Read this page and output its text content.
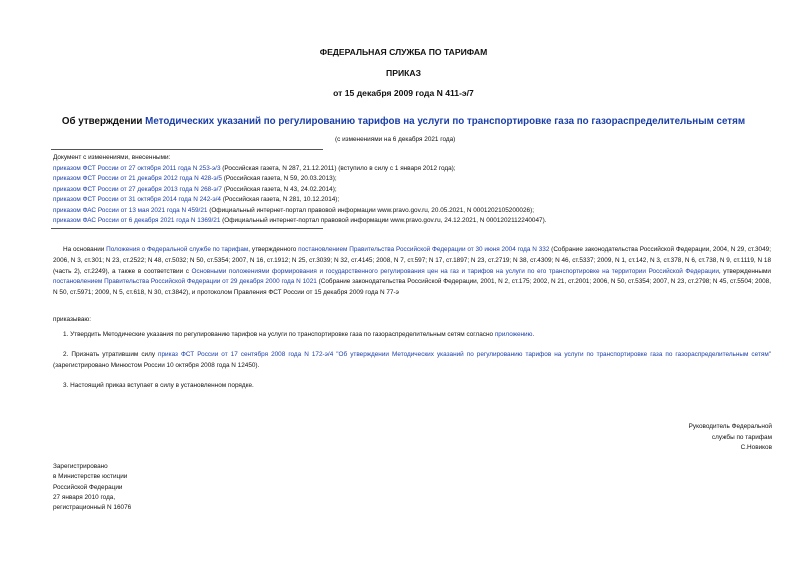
ФЕДЕРАЛЬНАЯ СЛУЖБА ПО ТАРИФАМ
ПРИКАЗ
от 15 декабря 2009 года N 411-э/7
Об утверждении Методических указаний по регулированию тарифов на услуги по транспортировке газа по газораспределительным сетям
(с изменениями на 6 декабря 2021 года)
Документ с изменениями, внесенными:
приказом ФСТ России от 27 октября 2011 года N 253-э/3 (Российская газета, N 287, 21.12.2011) (вступило в силу с 1 января 2012 года);
приказом ФСТ России от 21 декабря 2012 года N 428-э/5 (Российская газета, N 59, 20.03.2013);
приказом ФСТ России от 27 декабря 2013 года N 268-э/7 (Российская газета, N 43, 24.02.2014);
приказом ФСТ России от 31 октября 2014 года N 242-э/4 (Российская газета, N 281, 10.12.2014);
приказом ФАС России от 13 мая 2021 года N 459/21 (Официальный интернет-портал правовой информации www.pravo.gov.ru, 20.05.2021, N 0001202105200026);
приказом ФАС России от 6 декабря 2021 года N 1369/21 (Официальный интернет-портал правовой информации www.pravo.gov.ru, 24.12.2021, N 0001202112240047).
На основании Положения о Федеральной службе по тарифам, утвержденного постановлением Правительства Российской Федерации от 30 июня 2004 года N 332 (Собрание законодательства Российской Федерации, 2004, N 29, ст.3049; 2006, N 3, ст.301; N 23, ст.2522; N 48, ст.5032; N 50, ст.5354; 2007, N 16, ст.1912; N 25, ст.3039; N 32, ст.4145; 2008, N 7, ст.597; N 17, ст.1897; N 23, ст.2719; N 38, ст.4309; N 46, ст.5337; 2009, N 1, ст.142, N 3, ст.378, N 6, ст.738, N 9, ст.1119, N 18 (часть 2), ст.2249), а также в соответствии с Основными положениями формирования и государственного регулирования цен на газ и тарифов на услуги по его транспортировке на территории Российской Федерации, утвержденными постановлением Правительства Российской Федерации от 29 декабря 2000 года N 1021 (Собрание законодательства Российской Федерации, 2001, N 2, ст.175; 2002, N 21, ст.2001; 2006, N 50, ст.5354; 2007, N 23, ст.2798; N 45, ст.5504; 2008, N 50, ст.5971; 2009, N 5, ст.618, N 30, ст.3842), и протоколом Правления ФСТ России от 15 декабря 2009 года N 77-э
приказываю:
1. Утвердить Методические указания по регулированию тарифов на услуги по транспортировке газа по газораспределительным сетям согласно приложению.
2. Признать утратившим силу приказ ФСТ России от 17 сентября 2008 года N 172-э/4 "Об утверждении Методических указаний по регулированию тарифов на услуги по транспортировке газа по газораспределительным сетям" (зарегистрировано Минюстом России 10 октября 2008 года N 12450).
3. Настоящий приказ вступает в силу в установленном порядке.
Руководитель Федеральной
службы по тарифам
С.Новиков
Зарегистрировано
в Министерстве юстиции
Российской Федерации
27 января 2010 года,
регистрационный N 16076
